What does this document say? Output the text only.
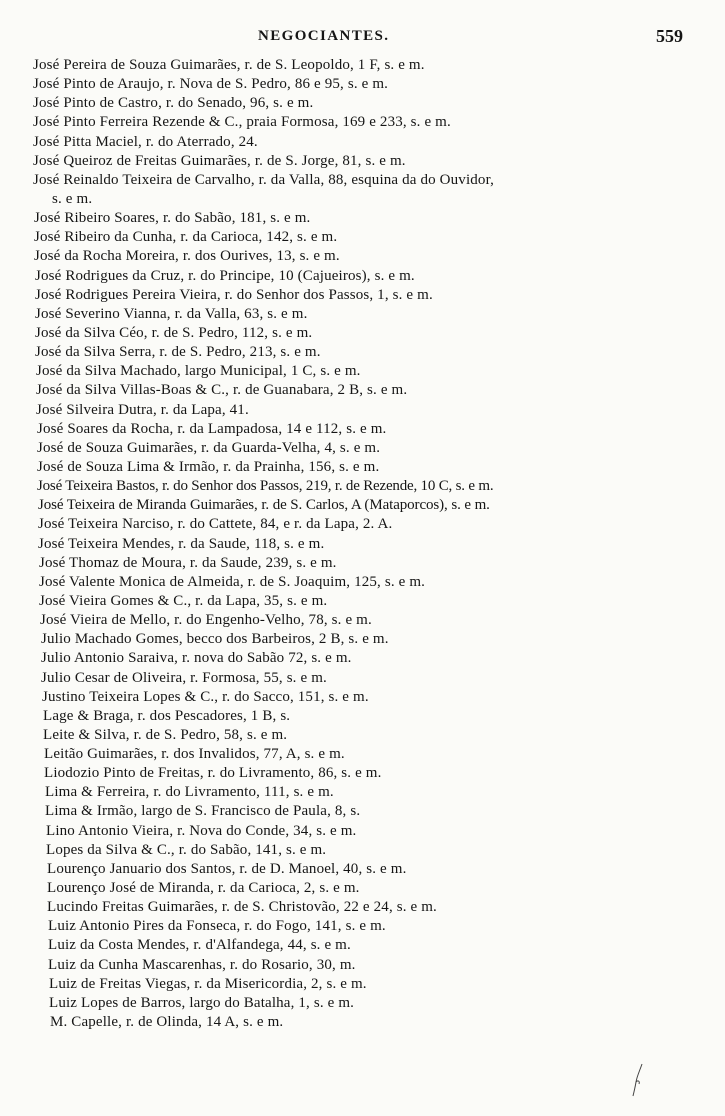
NEGOCIANTES.	559
José Pereira de Souza Guimarães, r. de S. Leopoldo, 1 F, s. e m.
José Pinto de Araujo, r. Nova de S. Pedro, 86 e 95, s. e m.
José Pinto de Castro, r. do Senado, 96, s. e m.
José Pinto Ferreira Rezende & C., praia Formosa, 169 e 233, s. e m.
José Pitta Maciel, r. do Aterrado, 24.
José Queiroz de Freitas Guimarães, r. de S. Jorge, 81, s. e m.
José Reinaldo Teixeira de Carvalho, r. da Valla, 88, esquina da do Ouvidor,
s. e m.
José Ribeiro Soares, r. do Sabão, 181, s. e m.
José Ribeiro da Cunha, r. da Carioca, 142, s. e m.
José da Rocha Moreira, r. dos Ourives, 13, s. e m.
José Rodrigues da Cruz, r. do Principe, 10 (Cajueiros), s. e m.
José Rodrigues Pereira Vieira, r. do Senhor dos Passos, 1, s. e m.
José Severino Vianna, r. da Valla, 63, s. e m.
José da Silva Céo, r. de S. Pedro, 112, s. e m.
José da Silva Serra, r. de S. Pedro, 213, s. e m.
José da Silva Machado, largo Municipal, 1 C, s. e m.
José da Silva Villas-Boas & C., r. de Guanabara, 2 B, s. e m.
José Silveira Dutra, r. da Lapa, 41.
José Soares da Rocha, r. da Lampadosa, 14 e 112, s. e m.
José de Souza Guimarães, r. da Guarda-Velha, 4, s. e m.
José de Souza Lima & Irmão, r. da Prainha, 156, s. e m.
José Teixeira Bastos, r. do Senhor dos Passos, 219, r. de Rezende, 10 C, s. e m.
José Teixeira de Miranda Guimarães, r. de S. Carlos, A (Mataporcos), s. e m.
José Teixeira Narciso, r. do Cattete, 84, e r. da Lapa, 2. A.
José Teixeira Mendes, r. da Saude, 118, s. e m.
José Thomaz de Moura, r. da Saude, 239, s. e m.
José Valente Monica de Almeida, r. de S. Joaquim, 125, s. e m.
José Vieira Gomes & C., r. da Lapa, 35, s. e m.
José Vieira de Mello, r. do Engenho-Velho, 78, s. e m.
Julio Machado Gomes, becco dos Barbeiros, 2 B, s. e m.
Julio Antonio Saraiva, r. nova do Sabão 72, s. e m.
Julio Cesar de Oliveira, r. Formosa, 55, s. e m.
Justino Teixeira Lopes & C., r. do Sacco, 151, s. e m.
Lage & Braga, r. dos Pescadores, 1 B, s.
Leite & Silva, r. de S. Pedro, 58, s. e m.
Leitão Guimarães, r. dos Invalidos, 77, A, s. e m.
Liodozio Pinto de Freitas, r. do Livramento, 86, s. e m.
Lima & Ferreira, r. do Livramento, 111, s. e m.
Lima & Irmão, largo de S. Francisco de Paula, 8, s.
Lino Antonio Vieira, r. Nova do Conde, 34, s. e m.
Lopes da Silva & C., r. do Sabão, 141, s. e m.
Lourenço Januario dos Santos, r. de D. Manoel, 40, s. e m.
Lourenço José de Miranda, r. da Carioca, 2, s. e m.
Lucindo Freitas Guimarães, r. de S. Christovão, 22 e 24, s. e m.
Luiz Antonio Pires da Fonseca, r. do Fogo, 141, s. e m.
Luiz da Costa Mendes, r. d'Alfandega, 44, s. e m.
Luiz da Cunha Mascarenhas, r. do Rosario, 30, m.
Luiz de Freitas Viegas, r. da Misericordia, 2, s. e m.
Luiz Lopes de Barros, largo do Batalha, 1, s. e m.
M. Capelle, r. de Olinda, 14 A, s. e m.
